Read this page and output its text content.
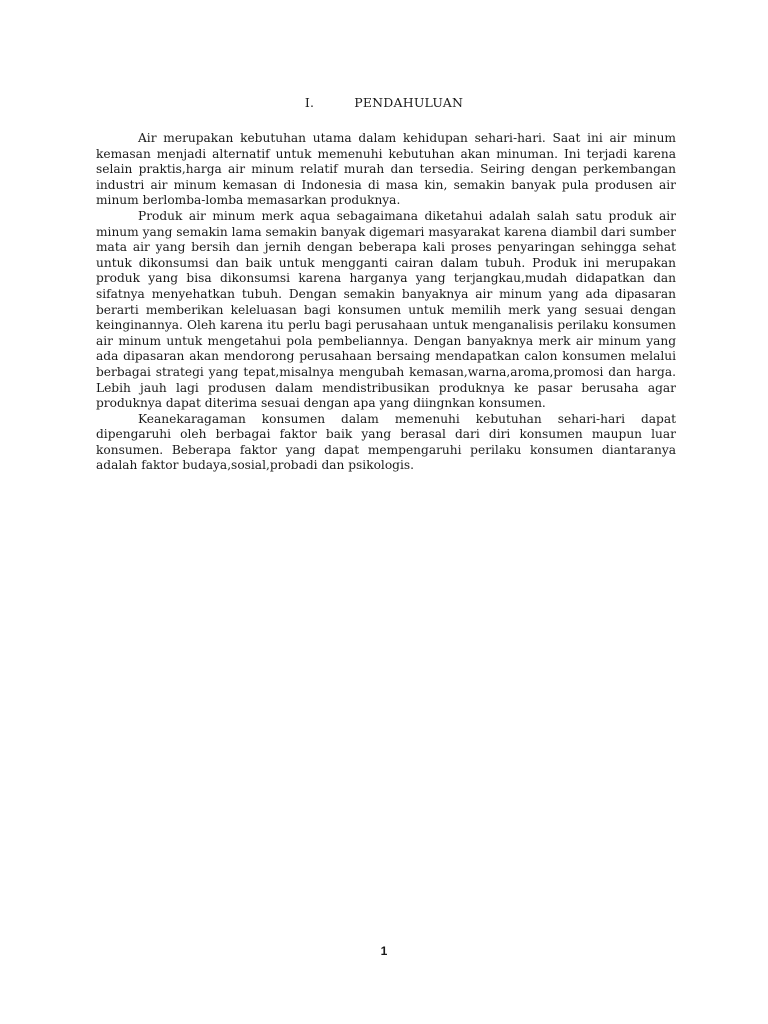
I.	PENDAHULUAN

Air merupakan kebutuhan utama dalam kehidupan sehari-hari. Saat ini air minum kemasan menjadi alternatif untuk memenuhi kebutuhan akan minuman. Ini terjadi karena selain praktis,harga air minum relatif murah dan tersedia. Seiring dengan perkembangan industri air minum kemasan di Indonesia di masa kin, semakin banyak pula produsen air minum berlomba-lomba memasarkan produknya.

Produk air minum merk aqua sebagaimana diketahui adalah salah satu produk air minum yang semakin lama semakin banyak digemari masyarakat karena diambil dari sumber mata air yang bersih dan jernih dengan beberapa kali proses penyaringan sehingga sehat untuk dikonsumsi dan baik untuk mengganti cairan dalam tubuh. Produk ini merupakan produk yang bisa dikonsumsi karena harganya yang terjangkau,mudah didapatkan dan sifatnya menyehatkan tubuh. Dengan semakin banyaknya air minum yang ada dipasaran berarti memberikan keleluasan bagi konsumen untuk memilih merk yang sesuai dengan keinginannya. Oleh karena itu perlu bagi perusahaan untuk menganalisis perilaku konsumen air minum untuk mengetahui pola pembeliannya. Dengan banyaknya merk air minum yang ada dipasaran akan mendorong perusahaan bersaing mendapatkan calon konsumen melalui berbagai strategi yang tepat,misalnya mengubah kemasan,warna,aroma,promosi dan harga. Lebih jauh lagi produsen dalam mendistribusikan produknya ke pasar berusaha agar produknya dapat diterima sesuai dengan apa yang diingnkan konsumen.

Keanekaragaman konsumen dalam memenuhi kebutuhan sehari-hari dapat dipengaruhi oleh berbagai faktor baik yang berasal dari diri konsumen maupun luar konsumen. Beberapa faktor yang dapat mempengaruhi perilaku konsumen diantaranya adalah faktor budaya,sosial,probadi dan psikologis.

1
